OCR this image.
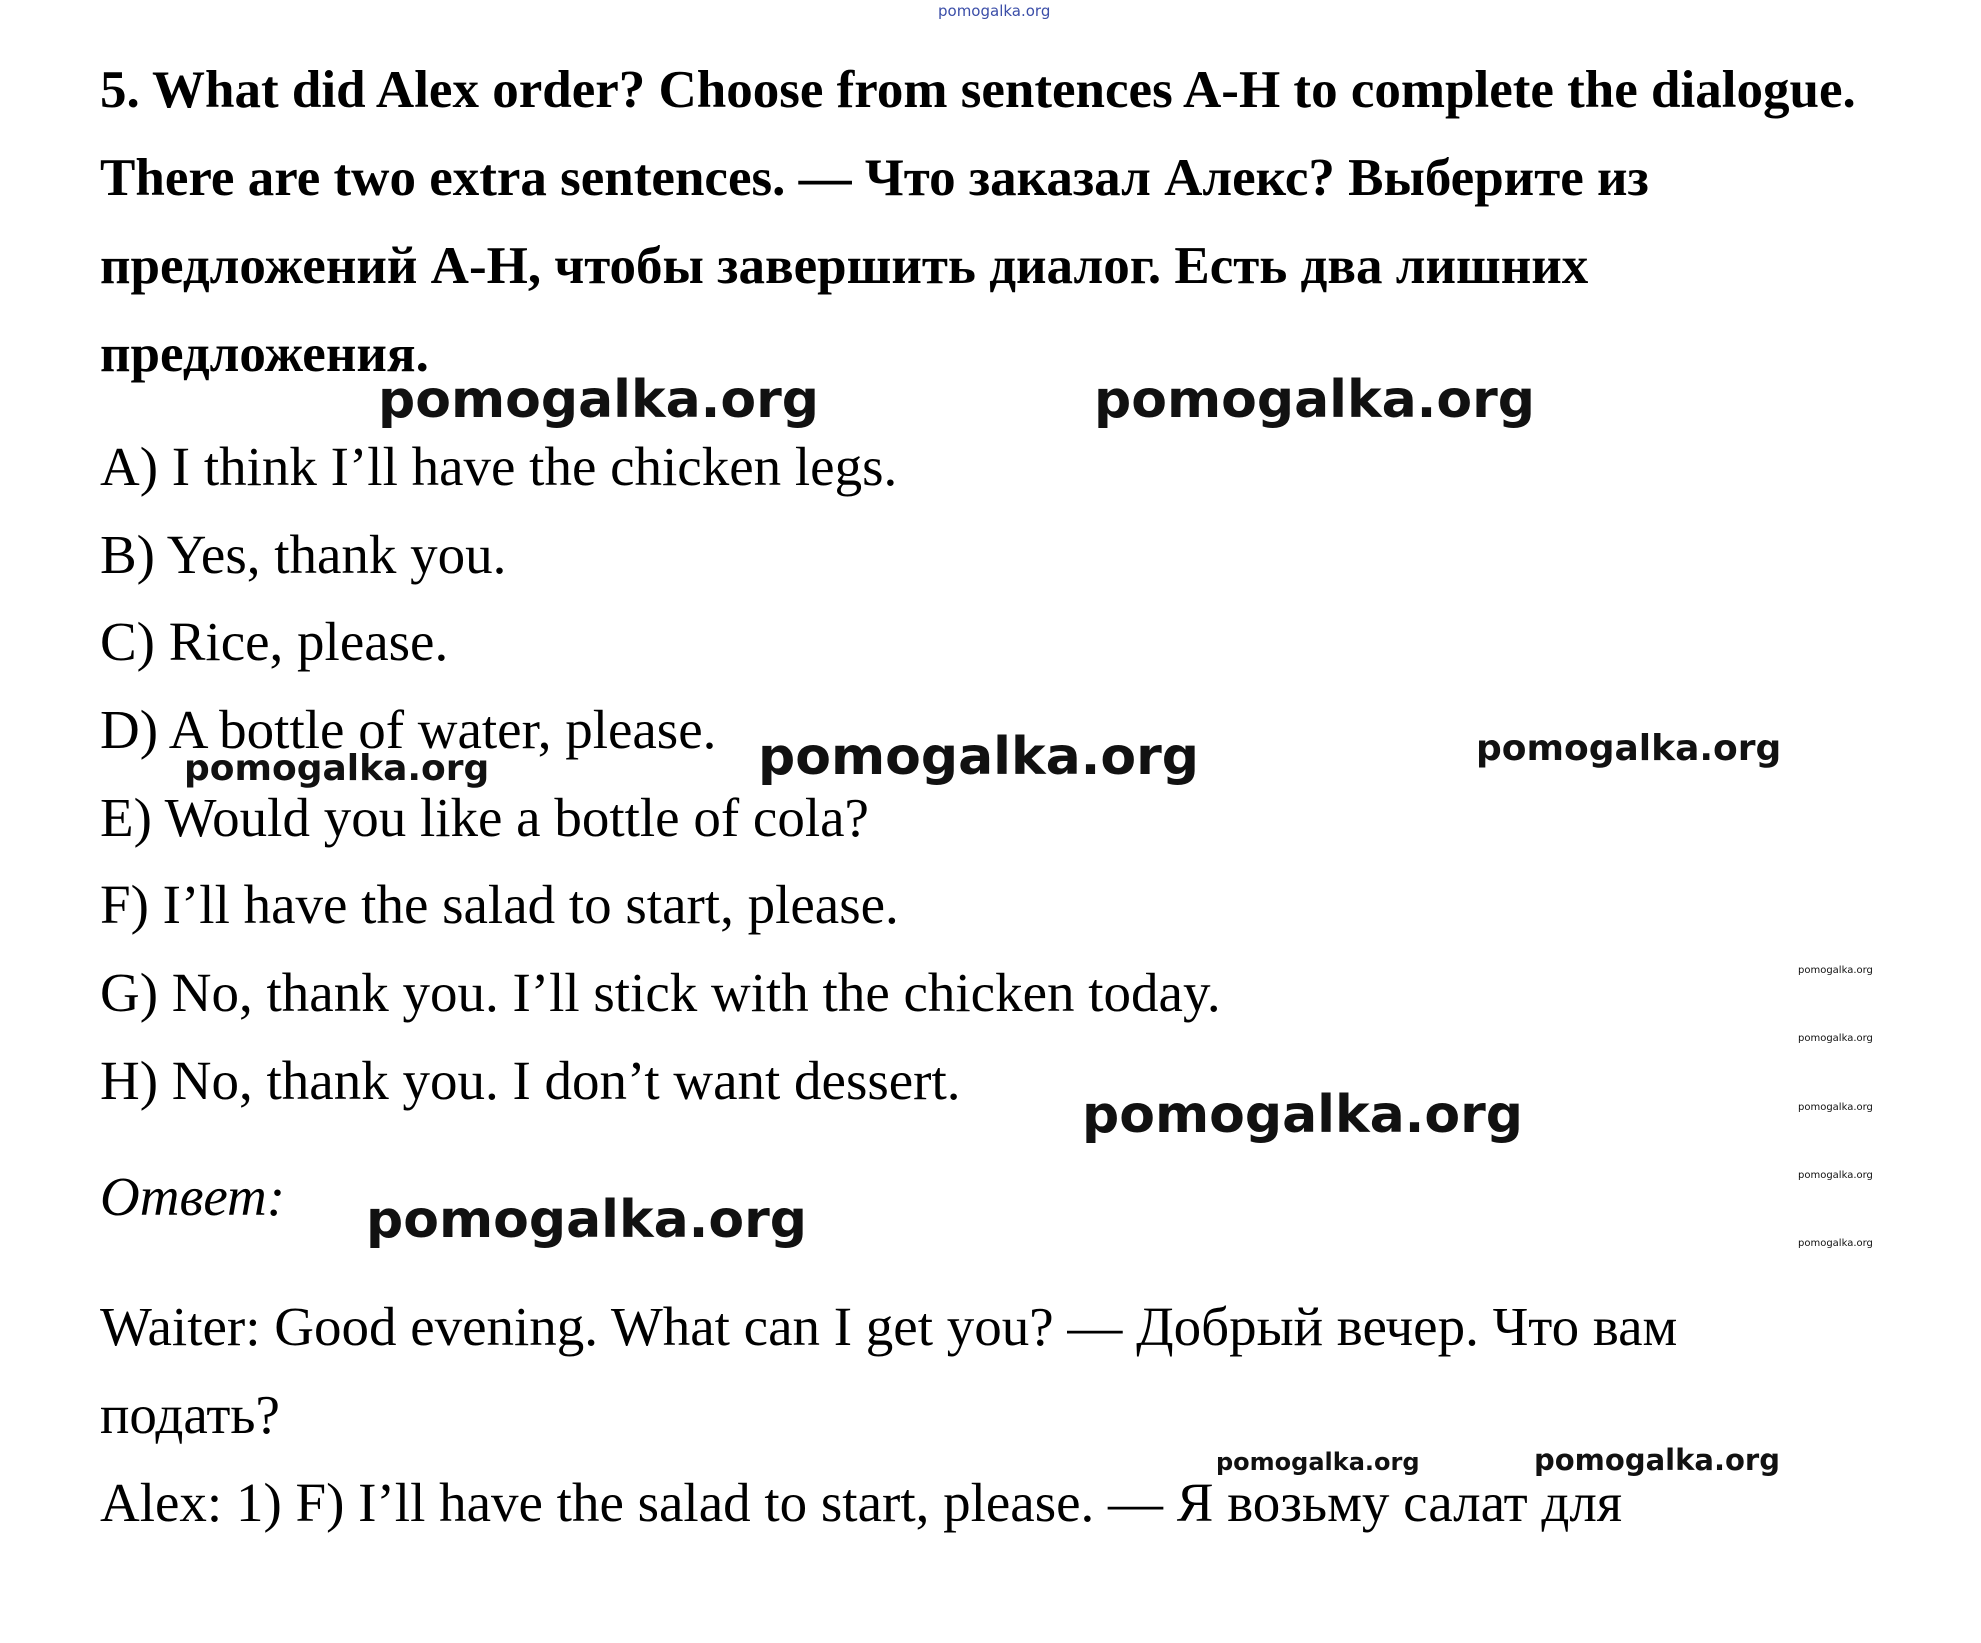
pomogalka.org

5. What did Alex order? Choose from sentences A-H to complete the dialogue. There are two extra sentences. — Что заказал Алекс? Выберите из предложений A-H, чтобы завершить диалог. Есть два лишних предложения.

A) I think I’ll have the chicken legs.

B) Yes, thank you.

C) Rice, please.

D) A bottle of water, please.

E) Would you like a bottle of cola?

F) I’ll have the salad to start, please.

G) No, thank you. I’ll stick with the chicken today.

H) No, thank you. I don’t want dessert.

Ответ:

Waiter: Good evening. What can I get you? — Добрый вечер. Что вам подать?

Alex: 1) F) I’ll have the salad to start, please. — Я возьму салат для

pomogalka.org	pomogalka.org
pomogalka.org	pomogalka.org	pomogalka.org
pomogalka.org
pomogalka.org
pomogalka.org
pomogalka.org
pomogalka.org
pomogalka.org
pomogalka.org
pomogalka.org	pomogalka.org
